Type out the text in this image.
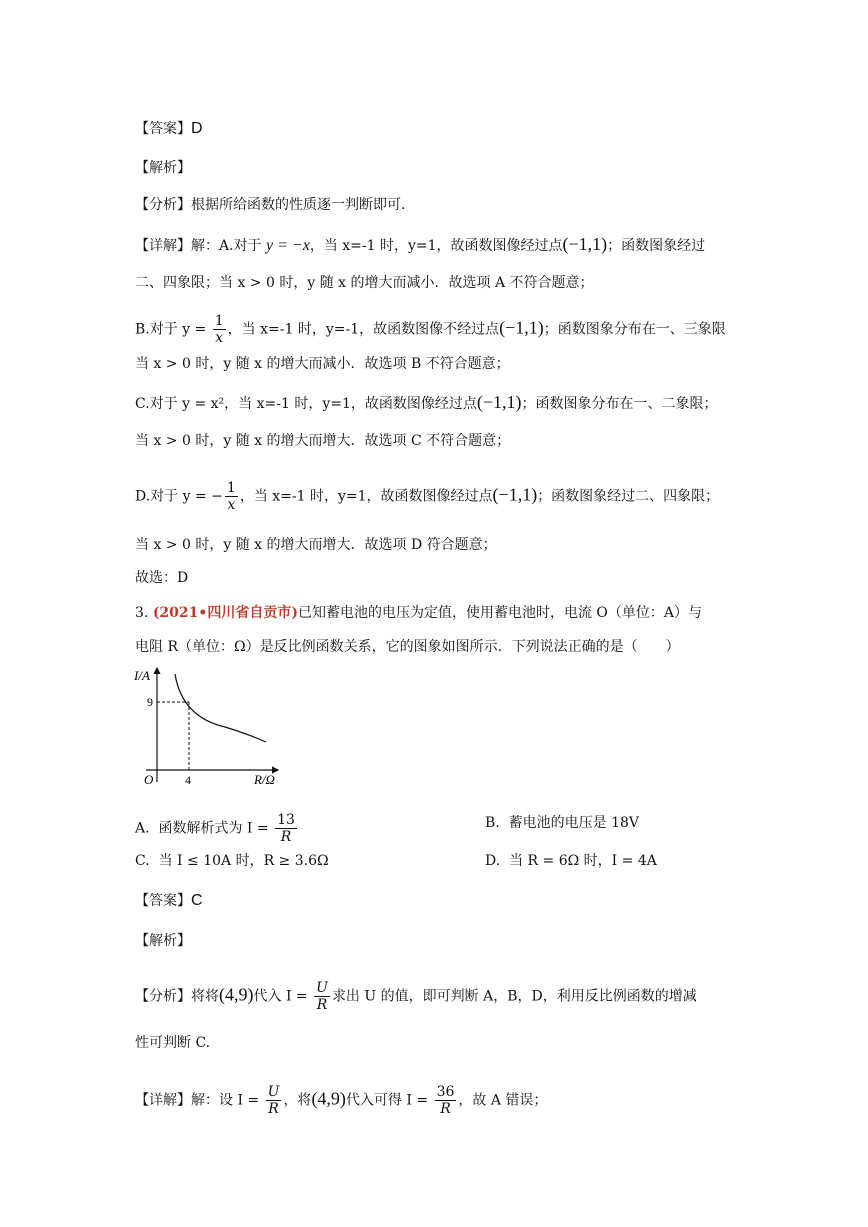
【答案】D
【解析】
【分析】根据所给函数的性质逐一判断即可.
【详解】解：A.对于 y = −x，当 x=-1 时，y=1，故函数图像经过点(−1,1)；函数图象经过
二、四象限；当 x > 0 时，y 随 x 的增大而减小．故选项 A 不符合题意；
B.对于 $y = \frac{1}{x}$ ，当 x=-1 时，y=-1，故函数图像不经过点(−1,1)；函数图象分布在一、三象限
当 x > 0 时，y 随 x 的增大而减小．故选项 B 不符合题意；
C.对于 y = x²，当 x=-1 时，y=1，故函数图像经过点(−1,1)；函数图象分布在一、二象限；
当 x > 0 时，y 随 x 的增大而增大．故选项 C 不符合题意；
D.对于 y = − $\frac{1}{x}$ ，当 x=-1 时，y=1，故函数图像经过点(−1,1)；函数图象经过二、四象限；
当 x > 0 时，y 随 x 的增大而增大．故选项 D 符合题意；
故选：D
3. (2021•四川省自贡市)已知蓄电池的电压为定值，使用蓄电池时，电流 O（单位：A）与
电阻 R（单位：Ω）是反比例函数关系，它的图象如图所示．下列说法正确的是（　　）
I/A
R/Ω
O
9
4
A. 函数解析式为 $I = \frac{13}{R}$	B. 蓄电池的电压是 18V
C. 当 I ≤ 10A 时，R ≥ 3.6Ω	D. 当 R = 6Ω 时，I = 4A
【答案】C
【解析】
【分析】将将(4,9)代入 $I = \frac{U}{R}$ 求出 U 的值，即可判断 A，B，D，利用反比例函数的增减
性可判断 C.
【详解】解：设 $I = \frac{U}{R}$ ，将(4,9)代入可得 $I = \frac{36}{R}$ ，故 A 错误；
